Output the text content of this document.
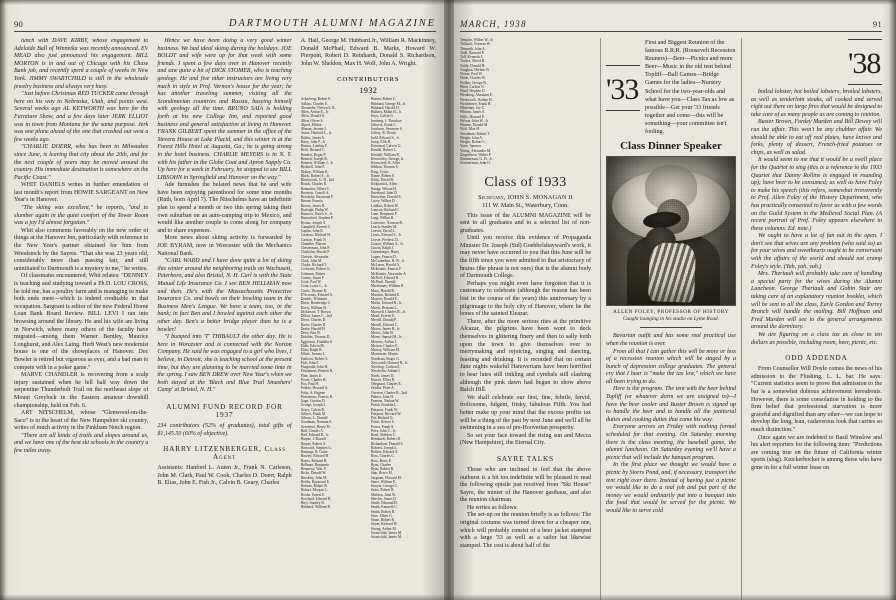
90	DARTMOUTH ALUMNI MAGAZINE

lunch with DAVE KIRBY, whose engagement to Adelaide Ball of Winnetka was recently announced. EV MEAD also just announced his engagement. BILL MORTON is in and out of Chicago with his Chase Bank job, and recently spent a couple of weeks in New York. JIMMY SWARTCHILD is still in the wholesale jewelry business and always very busy.

"Just before Christmas RED TUCKER came through here on his way to Nebraska, Utah, and points west. Several weeks ago AL KEYWORTH was here for the Furniture Show, and a few days later JERK ELLIOT was in town from Montana for the same purpose. Jerk was one plane ahead of the one that crashed out west a few weeks ago.

"CHARLIE DOERR, who has been in Milwaukee since June, is leaving that city about the 20th, and for the next couple of years may be moved around the country. His immediate destination is somewhere on the Pacific Coast."

WHIT DANIELS writes in further emendation of last month's report from HOWIE SARGEANT on New Year's in Hanover.

"The skiing was excellent," he reports, "and to slumber again in the quiet comfort of the Tower Room was a joy I'd almost forgotten."

Whit also comments favorably on the new order of things at the Hanover Inn, particularly with reference to the New Year's partner obtained for him from Woodstock by the Sayres. "That she was 23 years old, considerably more than passing fair, and still uninitiated to Dartmouth is a mystery to me," he writes.

Of classmates encountered, Whit relates: "DENNEY is teaching and studying toward a Ph.D. LOU CROSS, he told me, has a poultry farm and is managing to make both ends meet—which is indeed creditable in that occupation. Sargeant is editor of the new Federal Home Loan Bank Board Review. BILL LEVI I ran into browsing around the library. He and his wife are living in Norwich, where many others of the faculty have migrated—among them Warner Bentley, Maurice Longhurst, and Alex Laing. Herb West's new modernist house is one of the showplaces of Hanover. Doc Bowler is retired but vigorous as ever, and a bad man to compete with in a poker game."

MARVE CHANDLER is recovering from a scalp injury sustained when he fell half way down the serpentine Thunderbolt Trail on the northeast slope of Mount Greylock in the Eastern amateur downhill championship, held on Feb. 6.

ART NITSCHELM, whose "Glenwood-on-the-Saco" is in the heart of the New Hampshire ski country, writes of much activity in the Pinkham Notch region.

"There are all kinds of trails and slopes around us, and we have one of the best ski schools in the country a few miles away.

Hence we have been doing a very good winter business. We had ideal skiing during the holidays. JOE BOLDT and wife were up for that week with some friends. I spent a few days over in Hanover recently and saw quite a bit of DICK STOMER, who is teaching geology. He and five other instructors are living very much in style in Prof. Vernon's house for the year; he has another traveling summer, visiting all the Scandinavian countries and Russia, busying himself with geology all the time. BRUNO SAIA is holding forth at his new College Inn, and reported good business and general satisfaction at living in Hanover. FRANK GILBERT spent the summer in the office of the Stevens House at Lake Placid, and this winter is at the Forest Hills Hotel at Augusta, Ga.; he is going strong in the hotel business. CHARLIE MEYERS is in N. Y. with his father in the Globe Coat and Apron Supply Co. Up here for a week in February, he stopped to see BILL LIBSOHN in Springfield and Hanover on the way."

Ade furnishes the belated news that he and wife have been enjoying parenthood for some nine months (Ruth, born April 7). The Nitschelms have an indefinite plan to spend a month or two this spring taking their own suburban on an auto-camping trip to Mexico, and would like another couple to come along for company and to share expenses.

More news about skiing activity is forwarded by JOE BYRAM, now in Worcester with the Mechanics National Bank.

"CARL WARD and I have done quite a lot of skiing this winter around the neighboring trails on Wachusett, Peterboro, and also Bristol, N. H. Carl is with the State Mutual Life Insurance Co. I see BEN HELLMAN now and then. He's with the Massachusetts Protective Insurance Co. and bowls on their bowling team in the Business Men's League. We have a team, too, in the bank; in fact Ben and I bowled against each other the other day. Ben's a better bridge player than he is a bowler!

"I bumped into 'T' THIBAULT the other day. He is here in Worcester and is connected with the Norton Company. He said he was engaged to a girl who lives, I believe, in Detroit; she is teaching school at the present time, but they are planning to be married some time in the spring. I saw BEN DREW over New Year's when we both stayed at the 'Black and Blue Trail Smashers' Camp' at Bristol, N. H."

ALUMNI FUND RECORD FOR 1937

234 contributors (52% of graduates), total gifts of $1,145.50 (60% of objective).

HARRY LITZENBERGER, Class Agent

Assistants: Hanford L. Auten Jr., Frank N. Carleson, John M. Clark, Paul W. Cook, Charles D. Doerr, Ralph B. Elias, John E. Fish Jr., Calvin B. Geary, Charles

A. Hall, George M. Hubbard Jr., William R. Mackinney, Donald McPhail, Edward B. Marks, Howard W. Pierpont, Robert D. Reinhardt, Donald S. Richardson, John W. Sheldon, Max H. Wolf, John A. Wright.

CONTRIBUTORS
1932
Ackerberg, Robert E.
Adkins, Charles E.
Alexander, Nelson S. B.
Allen, Arthur E., Jr.
Allen, Donald S.
Allen, Oliver S.
Alpert, Milton
Altman, Jerome J.
Auten, Hanford L., Jr.
Ballou, James A.
Barry, John F., Jr.
Beaton, Lindsay F.
Beck, Richard C.
Bendixt, Roger P.
Bennett, Joseph R.
Bennett, William J., Jr.
Bicknell, John F.
Bishop, William K.
Black, Robert S., Jr.
Blashworth, G. H., 2nd
Bouck, Charles R.
Bonnotier, Albert C.
Boynton, Carroll A.
Brooksby, Raymond F.
Brown, Francis
Brown, James R.
Burleigh, Philip W.
Burrows, Harris S., Jr.
Burtonford, Stephen F.
Byram, Joseph A.
Campbell, Everett C.
Caplan, John E.
Cardozo, Michael H.
Carlson, Frank N.
Chandler, Marvin
Chesterman, John P.
Chisholm, Harold F.
Christie, Alexander
Clark, John M.
Clarke, Richard T.
Cochrane, Robert G.
Coleman, Robert
Comey, Stuart F.
Cook, Paul W.
Coon, Louis L., Jr.
Curtis, Thomas B.
D'Arcenay, Edward A.
Daniels, Whitman
Davis, Bainbridge C.
Davis, William H.
Dickinson, T. Brown
Dillon, James C., 2nd
Doerr, Charles D.
Doerr, Charles D.
Drake, Harold H.
Drew, Ben W.
Dubilier, Thomas D.
Eggleston, Franklin S.
Elder, Edwin M.
Elias, Ralph B.
Elliott, Jerome L.
Endicott, Robert S.
Fish, John E.
Fitzgerald, John H.
Fitzsimons, Francis R.
Flint, James E.
Foster, Charles R.
Fox, Paul H.
Frisbie, Howard A.
Fritts, A. Eugene
Fitzsimons, Francis R.
Gage, Gordon D.
George, Joseph J.
Geary, Calvin B.
Gilbert, Frank M.
Gibson, L. Donald
Goodman, Norman S.
Greenleaf, Henry M.
Hall, Charles A.
Hall, Edward R., Jr.
Harper, J. Russell
Harper, Robert A.
Harwood, Stephen G.
Hastings, R. Guise
Hawley, Edward H.
Hayes, Richard R.
Hellman, Benjamin
Hennessy, Wm. F.
Hicks, Donald W.
Hinckley, John M.
Hobbs, Raymond E.
Holmes, Robert B.
Hobart, Morgan L.
Hooke, Ernest E.
Howland, Edward H.
Hoyt, Stanley B.
Hubbard, William R.
Homer, Robert C.
Hubbard, George M., Jr.
Hubbard, Harold H.
Hulbert, Milan H., Jr.
Ireys, Calvin G.
Isenberg, J. Theodore
Jabcock, Frank C.
Jacobson, Seymour S.
Jeffery, R. Dewitt
Judd, Edward S., Jr.
Jump, Ellis B.
Keirstead, Calvert G.
Kendal, Robert L.
Kendall, William R.
Kenworthy, George, Jr.
Kernworth, R. Allen
Kibbon, Thomas E.
King, Cyrus
Kinne, Robert E.
Kirby, David B.
Kirkpatrick, Allen
Knapp, Wilson H.
Kneeland, John D.
Knowlton, Donald S.
Lacey, Wilbur D.
Laidlaw, Robert W.
Lamson, Richard C.
Lane, Benjamin P.
Lang, Wilbur B.
Lawrence, Norman B.
Leach, Stanley M.
Leavitt, David L.
Lewis, Edward S., Jr.
Leyser, Frederic D.
Linson, William A., Jr.
Litwin, Ralph J.
Litzenberger, Harry
Logan, Francis D.
McConnelsie, R. W., Jr.
McLaren, Harold A.
McKenzie, Francis F.
McKenzie, Alexander A.
McNeil, Edward B.
McPhail, Donald
Mackinney, William R.
Macy, Harold B.
Marshin, Richard E.
Mayem, Donald E.
Marks, Edward B., Jr.
Marsh, Bertram L.
Maxwell, Charles R., Jr.
Mead, Everett E.
Merrill, Donald P.
Merrill, Edward C.
Moore, James B., Jr.
Morris, John W.
Morse, Samuel H., Jr.
Mowers, Arthur J.
Morton, Charles E.
Murray, William M.
Mortensen, Martin
Needham, Roger G.
Newcomb, Howard B., Jr.
Newberg, Carlton E.
Nitschelm, Adrian J.
North, James D.
Norton, Elliot B.
Odegaard, Charles E.
Ortolin, Peter A.
Overton, Charles R., 2nd
Palmer, John H.
Pearson, Nathan W.
Peach, Franklin L.
Pierpont, Frank W.
Pierpont, Howard W.
Pitt, Richard G.
Potter, Robert S.
Power, Frank A.
Price, John C., Jr.
Reed, Sheldon C.
Reinhardt, Robert D.
Richardson, Donald S.
Roberts, Joseph L.
Rollins, Edward A.
Ross, Charles C.
Ross, Harry P.
Ryan, Charles
Ryan, Robert B.
Sain, Bruce M.
Sargeant, Howard M.
Sauer, William E.
Sawyer, George C.
Sears, Robert R.
Sheldon, John W.
Shevlin, James D.
Smith, Edmund D.
Smith, Kenneth C.
Smith, Robert B.
Stire, Albert G.
Stone, Robert R.
Storer, Richard W.
Strong, Arthur M.
Swartchild, James M.
Swartchild, James M.
MARCH, 1938	91
Templin, Wilber W., Jr.
Thibault, Norman W.
Tinsmith, John A.
Todd, Barnard P.
Toll, Kenneth J.
Tucker, Alfred R.
Tuttle, Donald H.
Vaughan, Herbert N.
Verner, Paul W.
Wade, Charles W.
Walker, George B.
Ward, Carlton N.
Ward, Stephen D.
Weinberg, Abraham E.
Wentworth, Nathan H.
Wertheimer, Frank H.
Whitehair, Jay C.
Whiton, James S.
Wills, Howard P.
Wilson, John W., Jr.
Winans, Donald M.
Wolf, Max H.
Woodman, Robert T.
Wright, John A.
Wright, Robert C.
Yates, Spencer
Young, Alexander M.
Ziegenhorn, Walter F.
Zimmerman, G. H., Jr.
Zimmerman, John O.
Class of 1933
Secretary, JOHN S. MONAGAN II
111 W. Main St., Waterbury, Conn.

This issue of the ALUMNI MAGAZINE will be sent to all graduates and to a selected list of non-graduates.

Until you receive this evidence of Propaganda Minister Dr. Joseph (Sid) Goebbelshayward's work, it may never have occurred to you that this June will be the fifth since you were admitted to that aristocracy of brains (the phrase is not ours) that is the alumni body of Dartmouth College.

Perhaps you might even have forgotten that it is customary to celebrate (although the reason has been lost in the course of the years) this anniversary by a pilgrimage to the holy city of Hanover, where lie the bones of the sainted Eleazar.

There, after the more serious rites at the primitive Alcazar, the pilgrims have been wont to deck themselves in glittering finery and then to sally forth upon the town to give themselves over to merrymaking and rejoicing, singing and dancing, feasting and drinking. It is recorded that on certain June nights wakeful Hanoverians have been horrified to hear lutes still tinkling and cymbals still clashing although the pink dawn had begun to show above Balch Hill.

We shall celebrate our first, fine, febrile, fervid, frolicsome, fulgent, frisky, fabulous Fifth. You had better make up your mind that the excess profits tax will be a thing of the past by next June and we'll all be swimming in a sea of pre-Hooverian prosperity.

So set your face toward the rising sun and Mecca (New Hampshire), the Eternal City.

SAYRE TALKS

Those who are inclined to feel that the above outburst is a bit too indefinite will be pleased to read the following epistle just received from "Ski House" Sayre, the minter of the Hanover gasthaus, and also the reunion chairman.

He writes as follows:

The set-up on the reunion briefly is as follows: The original costume was turned down for a cheaper one, which will probably consist of a beer jacket stamped with a large '33 as well as a sailor hat likewise stamped. The cost is about half of the

'33

First and Biggest Reunion of the famous R.R.R. (Roosevelt Recession Reuners)—Beer—Picnics and more Beer—Music in the old tent behind Topliff—Ball Games—Bridge Games for the ladies—Nursery School for the two-year-olds and what have you—Class Tax as low as possible—Get your '33 friends together and come—this will be something—your committee isn't fooling.

Class Dinner Speaker
ALLEN FOLEY, PROFESSOR OF HISTORY
Caught lounging in his studio on Lyme Road.

Bavarian outfit and has some real practical use when the reunion is over.

From all that I can gather this will be more or less of a recession reunion which will be staged by a bunch of depression college graduates. The general cry that I hear is "make the tax low," which we have all been trying to do.

Here is the program. The tent with the beer behind Topliff (or whatever dorm we are assigned to)—I have the beer cooler and Buster Brown is signed up to handle the beer and to handle all the janitorial duties and cooking duties that come his way.

Everyone arrives on Friday with nothing formal scheduled for that evening. On Saturday morning there is the class meeting, the baseball game, the alumni luncheon. On Saturday evening we'll have a picnic that will include the banquet program.

In the first place we thought we would have a picnic by Storrs Pond, and, if necessary, transport the tent right over there. Instead of having just a picnic we would like to do a real job and put part of the money we would ordinarily put into a banquet into the food that would be served for the picnic. We would like to serve cold

'38

boiled lobster, hot boiled lobsters, broiled lobsters, as well as tenderloin steaks, all cooked and served right out there on large fires that would be designed to take care of as many people as are coming to reunion.

Buster Brown, Fordey Marden and Bill Dewey will run the affair. This won't be any chubber affair. We should be able to eat off real plates, have knives and forks, plenty of dessert, French-fried potatoes or chips, as well as salad.

It would seem to me that it would be a swell place for the Quartet to sing (this is a reference to the 1933 Quartet that Danny Rollins is engaged in rounding up); have beer to be consumed; as well as have Foley to make his speech (this refers, somewhat irreverently to Prof. Allen Foley of the History Department, who has practically consented to favor us with a few words on the Guild System in the Medieval Social Plan. (A recent portrait of Prof. Foley appears elsewhere in these columns. Ed. note.)

We ought to have a lot of fun out in the open. I don't see that wives are any problem (who said so) as for your wives and sweethearts ought to be conversant with the affairs of the world and should not cramp Foley's style. (Yah, yah, yah.)

Mrs. Theriault will probably take care of handling a special party for the wives during the Alumni Luncheon. George Theriault and Gobin Stair are taking care of an explanatory reunion booklet, which will be sent to all the class, Earle Gordon and Torrey Branch will handle the mailing. Bill Hoffman and Fred Marden will see to the general arrangements around the dormitory.

We are figuring on a class tax as close to ten dollars as possible, including room, beer, picnic, etc.

ODD ADDENDA

From Counsellor Will Doyle comes the news of his admission to the Flushing, L. L. bar. He says: "Current statistics seem to prove that admission to the bar is a somewhat dubious achievement hereabouts. However, there is some consolation in holding to the firm belief that professional starvation is more graceful and dignified than any other—we can hope to develop the long, lean, cadaverous look that carries so much distinction."

Once again we are indebted to Basil Winslow and his alert reporters for the following item: "Predictions are coming true on the future of California winter sports (slug). Knickerbocker is among those who have gone in for a full winter lease on
